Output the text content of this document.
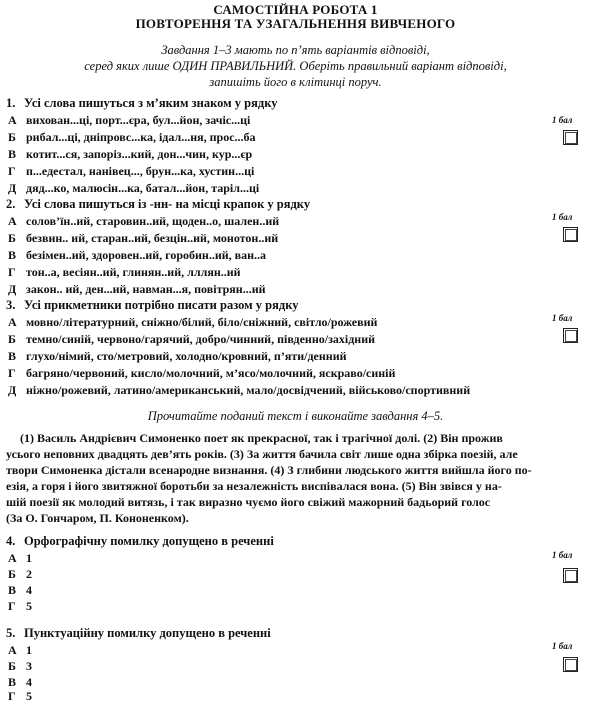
САМОСТІЙНА РОБОТА 1
ПОВТОРЕННЯ ТА УЗАГАЛЬНЕННЯ ВИВЧЕНОГО
Завдання 1–3 мають по п’ять варіантів відповіді,
серед яких лише ОДИН ПРАВИЛЬНИЙ. Оберіть правильний варіант відповіді,
запишіть його в клітинці поруч.
1. Усі слова пишуться з м’яким знаком у рядку
А вихован...ці, порт...єра, бул...йон, зачіс...ці
Б рибал...ці, дніпровс...ка, ідал...ня, прос...ба
В котит...ся, запоріз...кий, дон...чин, кур...єр
Г п...едестал, нанівец..., брун...ка, хустин...ці
Д дяд...ко, малюсін...ка, батал...йон, таріл...ці
1 бал
2. Усі слова пишуться із -нн- на місці крапок у рядку
А солов’їн..ий, старовин..ий, щоден..о, шален..ий
Б безвин.. ий, старан..ий, безцін..ий, монотон..ий
В безімен..ий, здоровен..ий, горобин..ий, ван..а
Г тон..а, весіян..ий, глинян..ий, лллян..ий
Д закон.. ий, ден...ий, навман...я, повітрян...ий
1 бал
3. Усі прикметники потрібно писати разом у рядку
А мовно/літературний, сніжно/білий, біло/сніжний, світло/рожевий
Б темно/синій, червоно/гарячий, добро/чинний, південно/західний
В глухо/німий, сто/метровий, холодно/кровний, п’яти/денний
Г багряно/червоний, кисло/молочний, м’ясо/молочний, яскраво/синій
Д ніжно/рожевий, латино/американський, мало/досвідчений, військово/спортивний
1 бал
Прочитайте поданий текст і виконайте завдання 4–5.
(1) Василь Андрієвич Симоненко поет як прекрасної, так і трагічної долі. (2) Він прожив
усього неповних двадцять дев’ять років. (3) За життя бачила світ лише одна збірка поезій, але
твори Симоненка дістали всенародне визнання. (4) З глибини людського життя вийшла його по-
езія, а горя і його звитяжної боротьби за незалежність виспівалася вона. (5) Він звівся у на-
шій поезії як молодий витязь, і так виразно чуємо його свіжий мажорний бадьорий голос
(За О. Гончаром, П. Кононенком).
4. Орфографічну помилку допущено в реченні
А 1
Б 2
В 4
Г 5
1 бал
5. Пунктуаційну помилку допущено в реченні
А 1
Б 3
В 4
Г 5
1 бал
